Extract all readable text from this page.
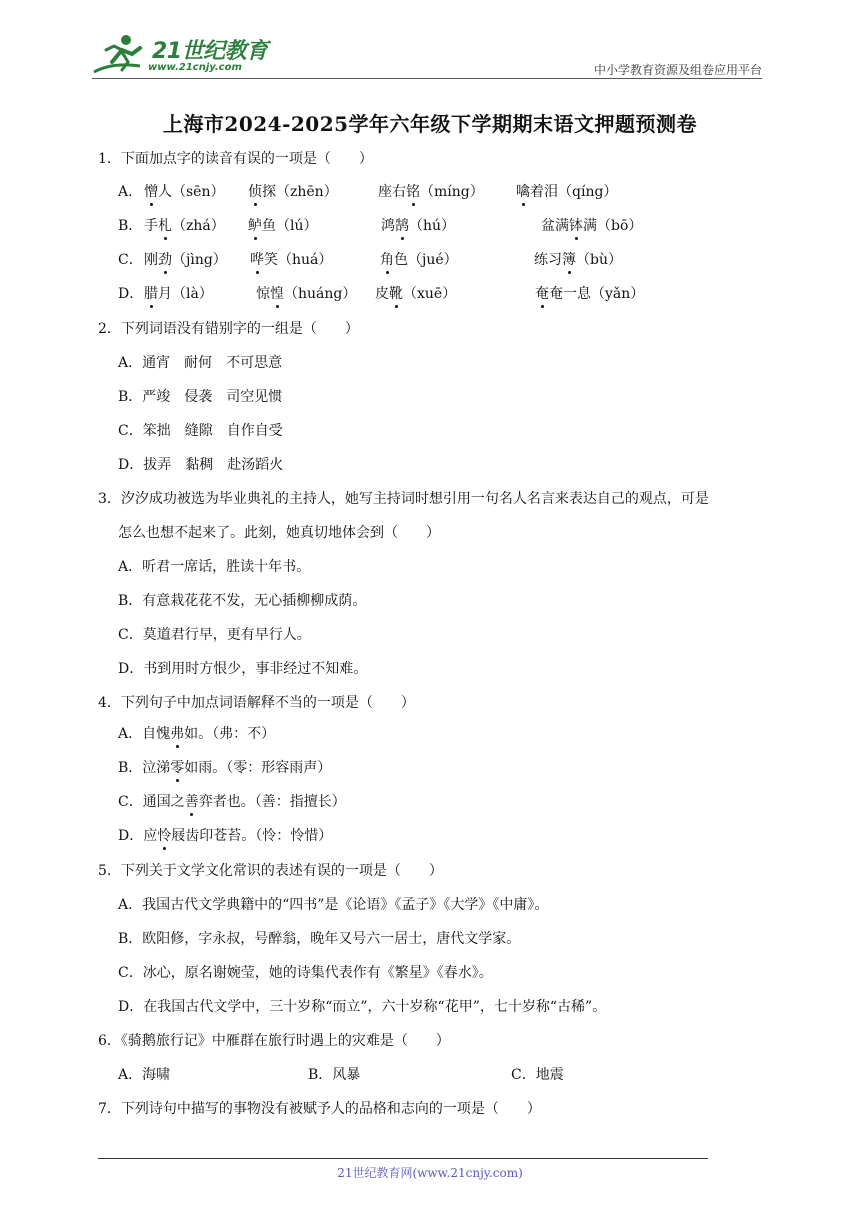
21世纪教育
www.21cnjy.com	中小学教育资源及组卷应用平台
上海市2024-2025学年六年级下学期期末语文押题预测卷
1．下面加点字的读音有误的一项是（　　）
A． 憎人（sēn） 侦探（zhēn）	座右铭（míng） 噙着泪（qíng）
B． 手札（zhá） 鲈鱼（lú）	鸿鹄（hú）	盆满钵满（bō）
C． 刚劲（jìng） 哗笑（huá）	角色（jué）	练习簿（bù）
D． 腊月（là）	惊惶（huáng） 皮靴（xuē）	奄奄一息（yǎn）
2．下列词语没有错别字的一组是（　　）
A．通宵　耐何　不可思意
B．严竣　侵袭　司空见惯
C．笨拙　缝隙　自作自受
D．拔弄　黏稠　赴汤蹈火
3．汐汐成功被选为毕业典礼的主持人，她写主持词时想引用一句名人名言来表达自己的观点，可是
怎么也想不起来了。此刻，她真切地体会到（　　）
A．听君一席话，胜读十年书。
B．有意栽花花不发，无心插柳柳成荫。
C．莫道君行早，更有早行人。
D．书到用时方恨少，事非经过不知难。
4．下列句子中加点词语解释不当的一项是（　　）
A．自愧弗如。（弗：不）
B．泣涕零如雨。（零：形容雨声）
C．通国之善弈者也。（善：指擅长）
D．应怜屐齿印苍苔。（怜：怜惜）
5．下列关于文学文化常识的表述有误的一项是（　　）
A．我国古代文学典籍中的“四书”是《论语》《孟子》《大学》《中庸》。
B．欧阳修，字永叔，号醉翁，晚年又号六一居士，唐代文学家。
C．冰心，原名谢婉莹，她的诗集代表作有《繁星》《春水》。
D．在我国古代文学中，三十岁称“而立”，六十岁称“花甲”，七十岁称“古稀”。
6．《骑鹅旅行记》中雁群在旅行时遇上的灾难是（　　）
A．海啸	B．风暴	C．地震
7．下列诗句中描写的事物没有被赋予人的品格和志向的一项是（　　）
21世纪教育网(www.21cnjy.com)
